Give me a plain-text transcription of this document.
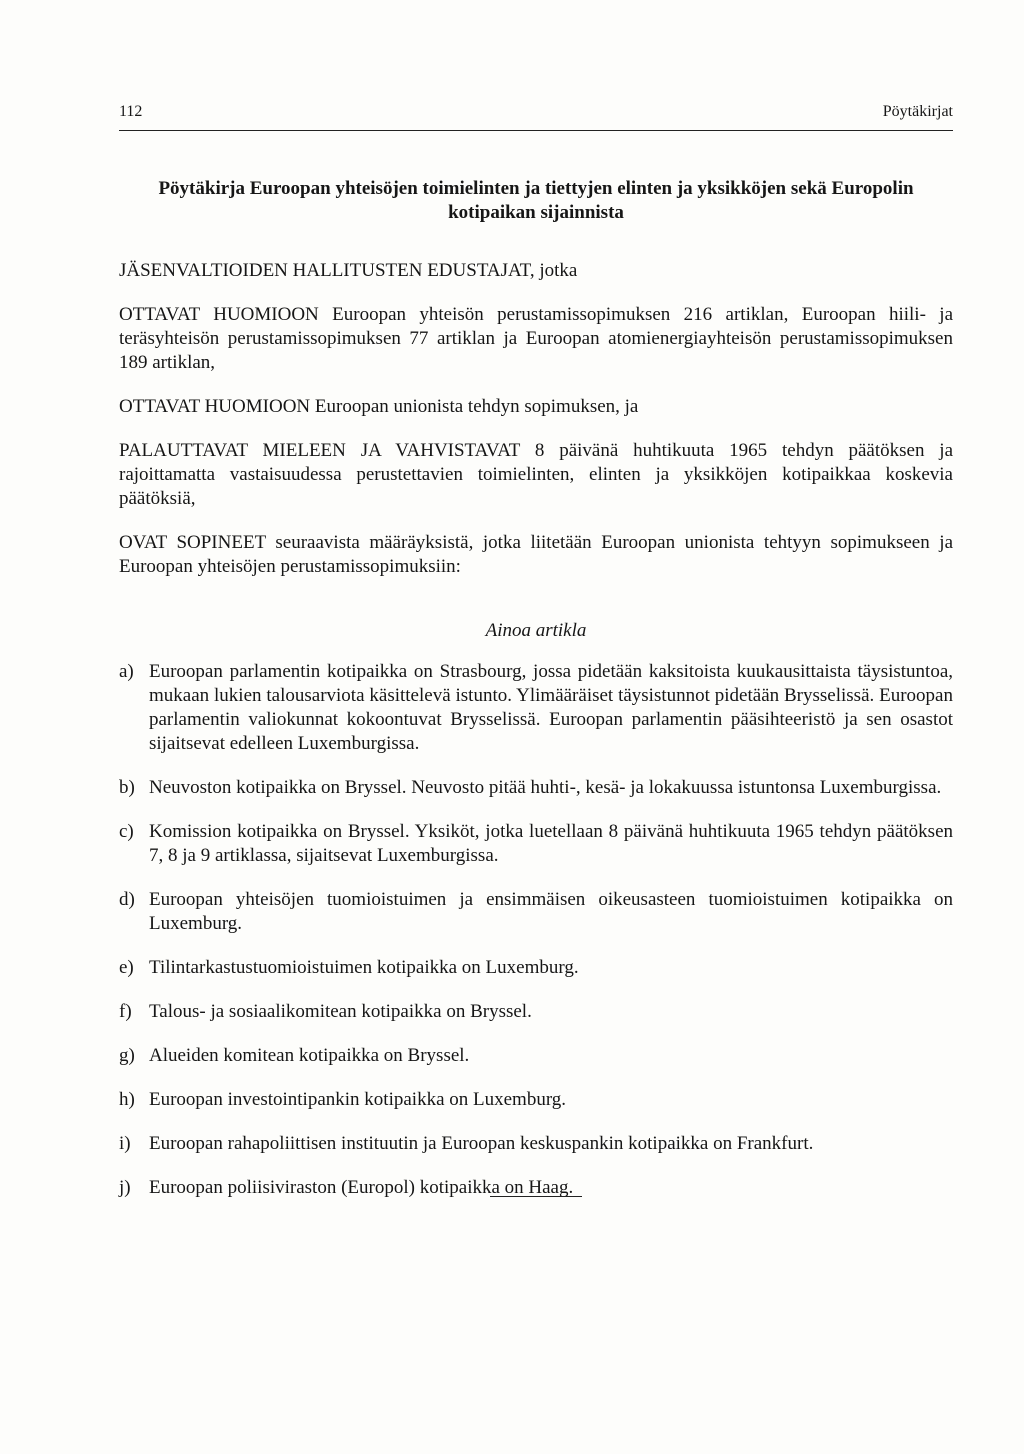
112	Pöytäkirjat
Pöytäkirja Euroopan yhteisöjen toimielinten ja tiettyjen elinten ja yksikköjen sekä Europolin kotipaikan sijainnista

JÄSENVALTIOIDEN HALLITUSTEN EDUSTAJAT, jotka

OTTAVAT HUOMIOON Euroopan yhteisön perustamissopimuksen 216 artiklan, Euroopan hiili- ja teräsyhteisön perustamissopimuksen 77 artiklan ja Euroopan atomienergiayhteisön perustamissopimuksen 189 artiklan,

OTTAVAT HUOMIOON Euroopan unionista tehdyn sopimuksen, ja

PALAUTTAVAT MIELEEN JA VAHVISTAVAT 8 päivänä huhtikuuta 1965 tehdyn päätöksen ja rajoittamatta vastaisuudessa perustettavien toimielinten, elinten ja yksikköjen kotipaikkaa koskevia päätöksiä,

OVAT SOPINEET seuraavista määräyksistä, jotka liitetään Euroopan unionista tehtyyn sopimukseen ja Euroopan yhteisöjen perustamissopimuksiin:

Ainoa artikla
a) Euroopan parlamentin kotipaikka on Strasbourg, jossa pidetään kaksitoista kuukausittaista täysistuntoa, mukaan lukien talousarviota käsittelevä istunto. Ylimääräiset täysistunnot pidetään Brysselissä. Euroopan parlamentin valiokunnat kokoontuvat Brysselissä. Euroopan parlamentin pääsihteeristö ja sen osastot sijaitsevat edelleen Luxemburgissa.
b) Neuvoston kotipaikka on Bryssel. Neuvosto pitää huhti-, kesä- ja lokakuussa istuntonsa Luxemburgissa.
c) Komission kotipaikka on Bryssel. Yksiköt, jotka luetellaan 8 päivänä huhtikuuta 1965 tehdyn päätöksen 7, 8 ja 9 artiklassa, sijaitsevat Luxemburgissa.
d) Euroopan yhteisöjen tuomioistuimen ja ensimmäisen oikeusasteen tuomioistuimen kotipaikka on Luxemburg.
e) Tilintarkastustuomioistuimen kotipaikka on Luxemburg.
f) Talous- ja sosiaalikomitean kotipaikka on Bryssel.
g) Alueiden komitean kotipaikka on Bryssel.
h) Euroopan investointipankin kotipaikka on Luxemburg.
i) Euroopan rahapoliittisen instituutin ja Euroopan keskuspankin kotipaikka on Frankfurt.
j) Euroopan poliisiviraston (Europol) kotipaikka on Haag.
